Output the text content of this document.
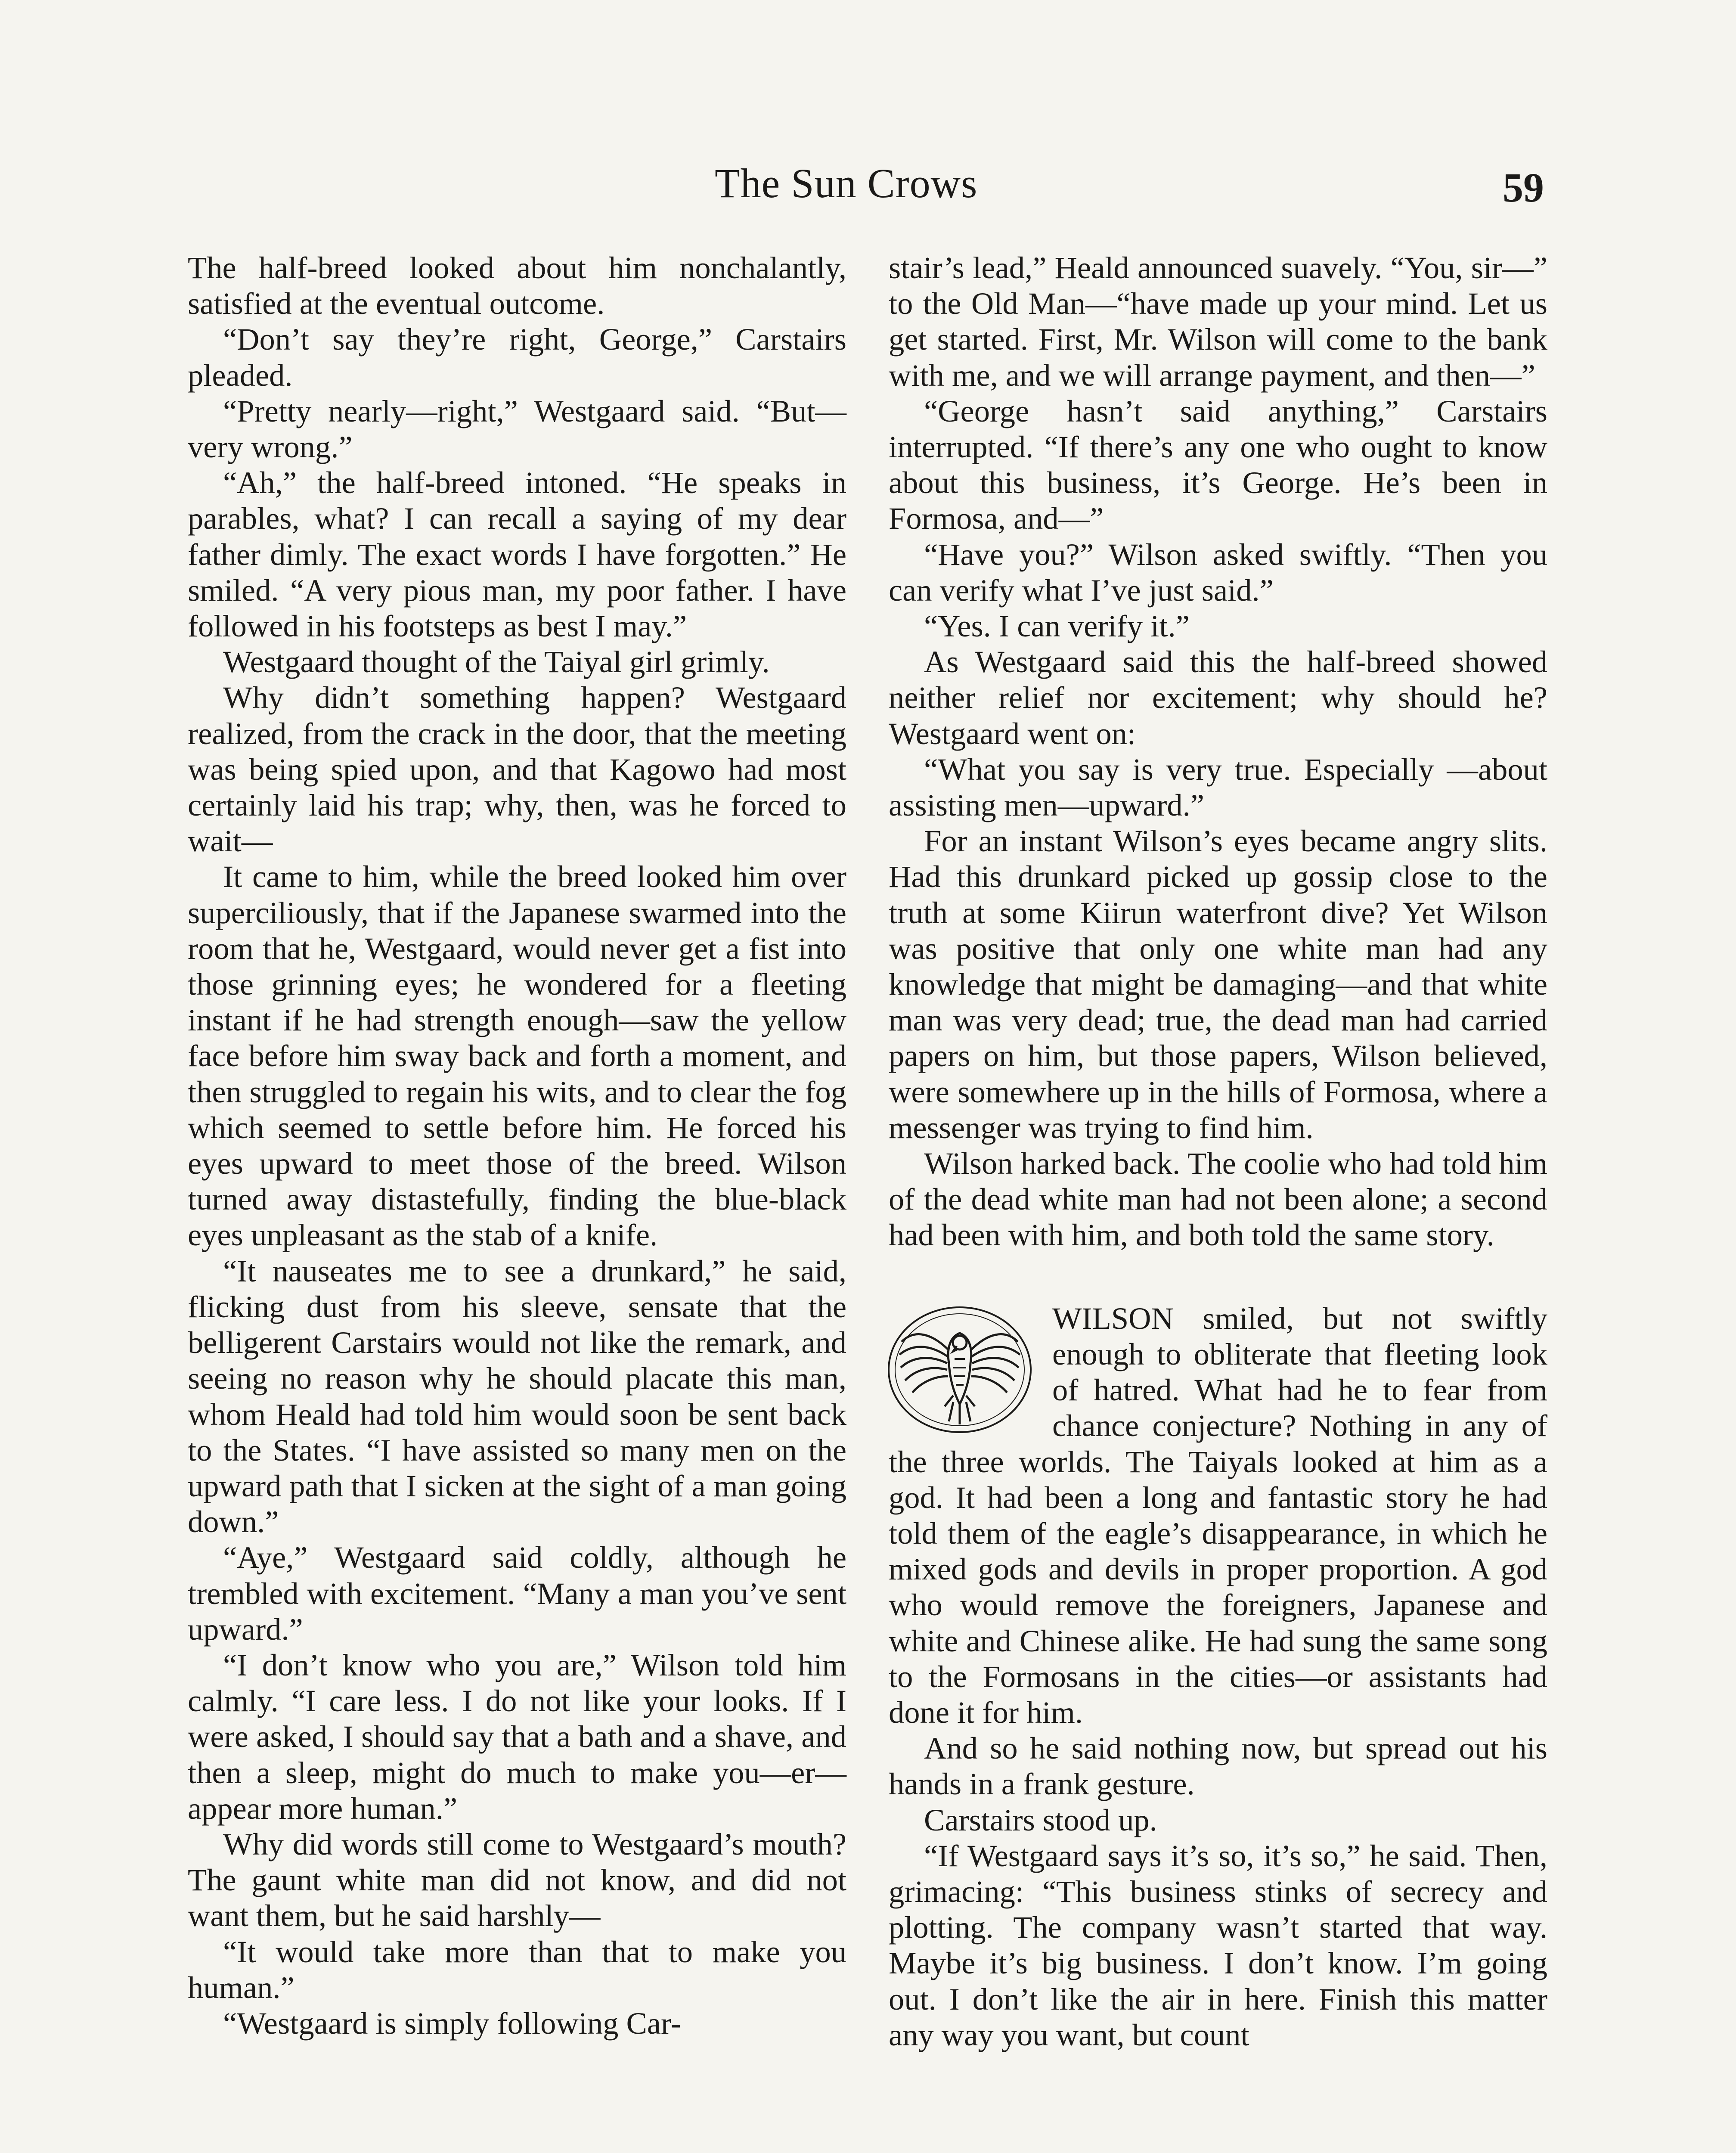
The Sun Crows	59

The half-breed looked about him nonchalantly, satisfied at the eventual outcome.

“Don’t say they’re right, George,” Carstairs pleaded.

“Pretty nearly—right,” Westgaard said. “But—very wrong.”

“Ah,” the half-breed intoned. “He speaks in parables, what? I can recall a saying of my dear father dimly. The exact words I have forgotten.” He smiled. “A very pious man, my poor father. I have followed in his footsteps as best I may.”

Westgaard thought of the Taiyal girl grimly.

Why didn’t something happen? Westgaard realized, from the crack in the door, that the meeting was being spied upon, and that Kagowo had most certainly laid his trap; why, then, was he forced to wait—

It came to him, while the breed looked him over superciliously, that if the Japanese swarmed into the room that he, Westgaard, would never get a fist into those grinning eyes; he wondered for a fleeting instant if he had strength enough—saw the yellow face before him sway back and forth a moment, and then struggled to regain his wits, and to clear the fog which seemed to settle before him. He forced his eyes upward to meet those of the breed. Wilson turned away distastefully, finding the blue-black eyes unpleasant as the stab of a knife.

“It nauseates me to see a drunkard,” he said, flicking dust from his sleeve, sensate that the belligerent Carstairs would not like the remark, and seeing no reason why he should placate this man, whom Heald had told him would soon be sent back to the States. “I have assisted so many men on the upward path that I sicken at the sight of a man going down.”

“Aye,” Westgaard said coldly, although he trembled with excitement. “Many a man you’ve sent upward.”

“I don’t know who you are,” Wilson told him calmly. “I care less. I do not like your looks. If I were asked, I should say that a bath and a shave, and then a sleep, might do much to make you—er—appear more human.”

Why did words still come to Westgaard’s mouth? The gaunt white man did not know, and did not want them, but he said harshly—

“It would take more than that to make you human.”

“Westgaard is simply following Car-

stair’s lead,” Heald announced suavely. “You, sir—” to the Old Man—“have made up your mind. Let us get started. First, Mr. Wilson will come to the bank with me, and we will arrange payment, and then—”

“George hasn’t said anything,” Carstairs interrupted. “If there’s any one who ought to know about this business, it’s George. He’s been in Formosa, and—”

“Have you?” Wilson asked swiftly. “Then you can verify what I’ve just said.”

“Yes. I can verify it.”

As Westgaard said this the half-breed showed neither relief nor excitement; why should he? Westgaard went on:

“What you say is very true. Especially —about assisting men—upward.”

For an instant Wilson’s eyes became angry slits. Had this drunkard picked up gossip close to the truth at some Kiirun waterfront dive? Yet Wilson was positive that only one white man had any knowledge that might be damaging—and that white man was very dead; true, the dead man had carried papers on him, but those papers, Wilson believed, were somewhere up in the hills of Formosa, where a messenger was trying to find him.

Wilson harked back. The coolie who had told him of the dead white man had not been alone; a second had been with him, and both told the same story.

WILSON smiled, but not swiftly enough to obliterate that fleeting look of hatred. What had he to fear from chance conjecture? Nothing in any of the three worlds. The Taiyals looked at him as a god. It had been a long and fantastic story he had told them of the eagle’s disappearance, in which he mixed gods and devils in proper proportion. A god who would remove the foreigners, Japanese and white and Chinese alike. He had sung the same song to the Formosans in the cities—or assistants had done it for him.

And so he said nothing now, but spread out his hands in a frank gesture.

Carstairs stood up.

“If Westgaard says it’s so, it’s so,” he said. Then, grimacing: “This business stinks of secrecy and plotting. The company wasn’t started that way. Maybe it’s big business. I don’t know. I’m going out. I don’t like the air in here. Finish this matter any way you want, but count
